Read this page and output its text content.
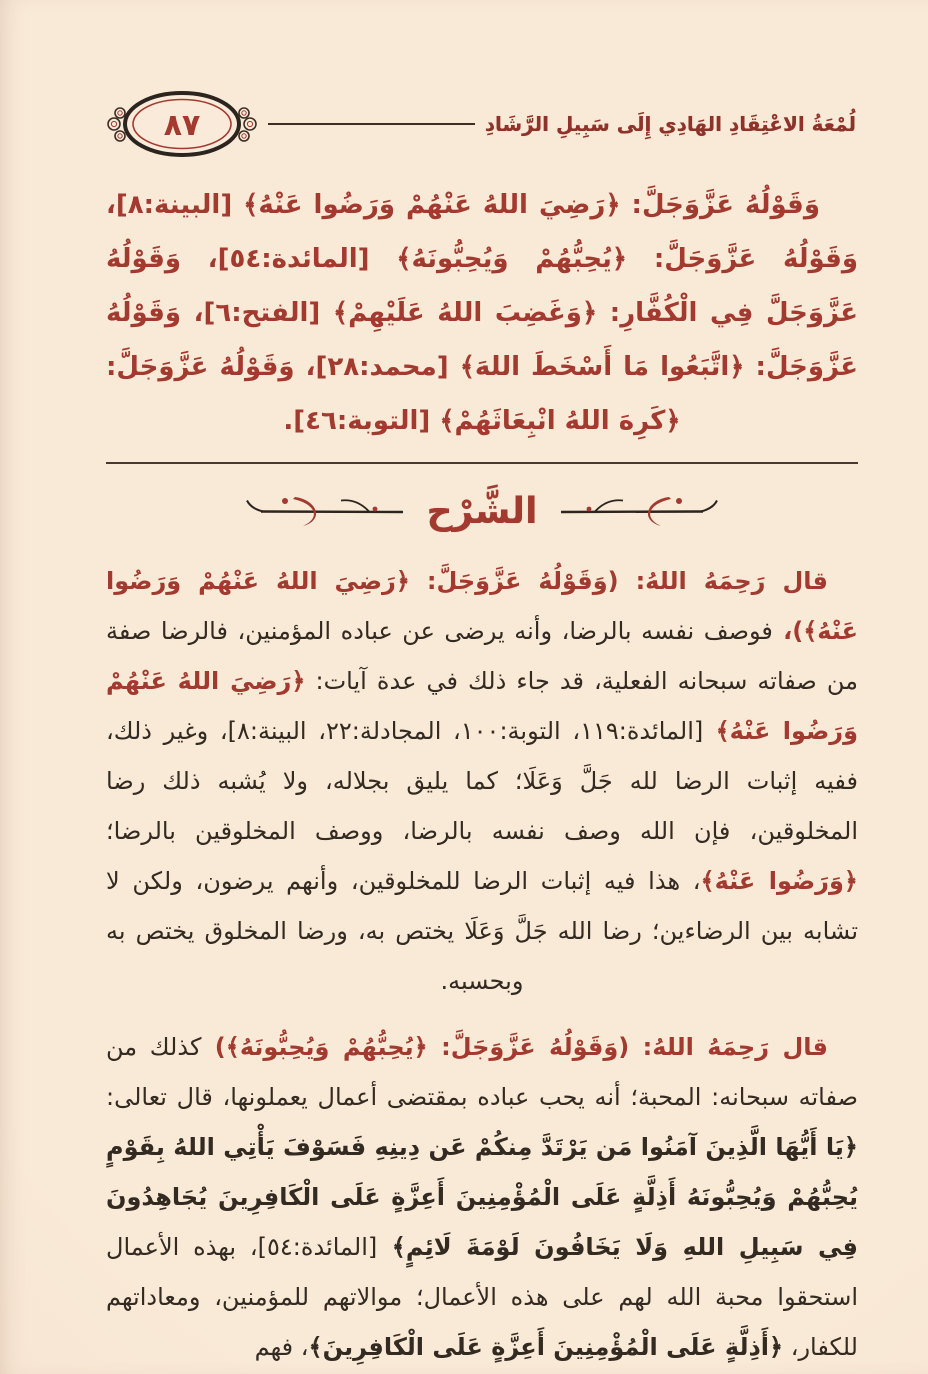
لُمْعَةُ الاعْتِقَادِ الهَادِي إِلَى سَبِيلِ الرَّشَادِ
٨٧

وَقَوْلُهُ عَزَّوَجَلَّ: ﴿رَضِيَ اللهُ عَنْهُمْ وَرَضُوا عَنْهُ﴾ [البينة:٨]، وَقَوْلُهُ عَزَّوَجَلَّ: ﴿يُحِبُّهُمْ وَيُحِبُّونَهُ﴾ [المائدة:٥٤]، وَقَوْلُهُ عَزَّوَجَلَّ فِي الْكُفَّارِ: ﴿وَغَضِبَ اللهُ عَلَيْهِمْ﴾ [الفتح:٦]، وَقَوْلُهُ عَزَّوَجَلَّ: ﴿اتَّبَعُوا مَا أَسْخَطَ اللهَ﴾ [محمد:٢٨]، وَقَوْلُهُ عَزَّوَجَلَّ: ﴿كَرِهَ اللهُ انْبِعَاثَهُمْ﴾ [التوبة:٤٦].

الشَّرْح

قال رَحِمَهُ اللهُ: (وَقَوْلُهُ عَزَّوَجَلَّ: ﴿رَضِيَ اللهُ عَنْهُمْ وَرَضُوا عَنْهُ﴾)، فوصف نفسه بالرضا، وأنه يرضى عن عباده المؤمنين، فالرضا صفة من صفاته سبحانه الفعلية، قد جاء ذلك في عدة آيات: ﴿رَضِيَ اللهُ عَنْهُمْ وَرَضُوا عَنْهُ﴾ [المائدة:١١٩، التوبة:١٠٠، المجادلة:٢٢، البينة:٨]، وغير ذلك، ففيه إثبات الرضا لله جَلَّ وَعَلَا؛ كما يليق بجلاله، ولا يُشبه ذلك رضا المخلوقين، فإن الله وصف نفسه بالرضا، ووصف المخلوقين بالرضا؛ ﴿وَرَضُوا عَنْهُ﴾، هذا فيه إثبات الرضا للمخلوقين، وأنهم يرضون، ولكن لا تشابه بين الرضاءين؛ رضا الله جَلَّ وَعَلَا يختص به، ورضا المخلوق يختص به وبحسبه.

قال رَحِمَهُ اللهُ: (وَقَوْلُهُ عَزَّوَجَلَّ: ﴿يُحِبُّهُمْ وَيُحِبُّونَهُ﴾) كذلك من صفاته سبحانه: المحبة؛ أنه يحب عباده بمقتضى أعمال يعملونها، قال تعالى: ﴿يَا أَيُّهَا الَّذِينَ آمَنُوا مَن يَرْتَدَّ مِنكُمْ عَن دِينِهِ فَسَوْفَ يَأْتِي اللهُ بِقَوْمٍ يُحِبُّهُمْ وَيُحِبُّونَهُ أَذِلَّةٍ عَلَى الْمُؤْمِنِينَ أَعِزَّةٍ عَلَى الْكَافِرِينَ يُجَاهِدُونَ فِي سَبِيلِ اللهِ وَلَا يَخَافُونَ لَوْمَةَ لَائِمٍ﴾ [المائدة:٥٤]، بهذه الأعمال استحقوا محبة الله لهم على هذه الأعمال؛ موالاتهم للمؤمنين، ومعاداتهم للكفار، ﴿أَذِلَّةٍ عَلَى الْمُؤْمِنِينَ أَعِزَّةٍ عَلَى الْكَافِرِينَ﴾، فهم
